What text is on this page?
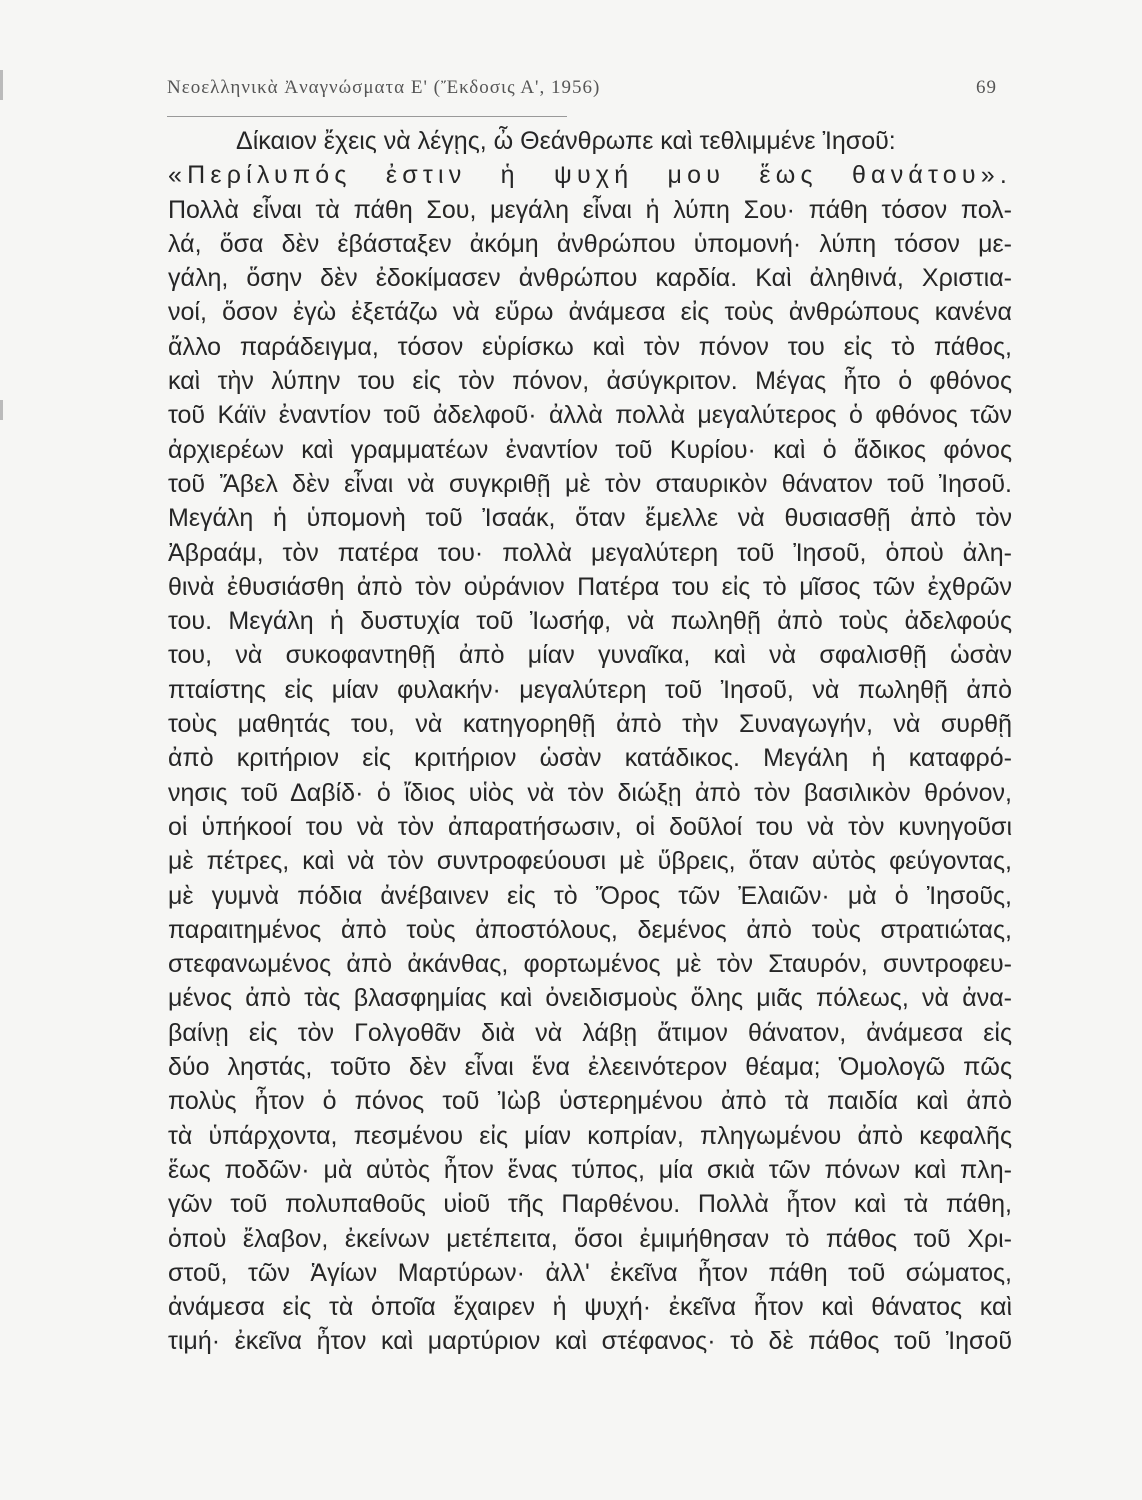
Νεοελληνικὰ Ἀναγνώσματα Ε' (Ἔκδοσις Α', 1956)	69
Δίκαιον ἔχεις νὰ λέγῃς, ὦ Θεάνθρωπε καὶ τεθλιμμένε Ἰησοῦ:
«Περίλυπός ἐστιν ἡ ψυχή μου ἕως θανάτου».
Πολλὰ εἶναι τὰ πάθη Σου, μεγάλη εἶναι ἡ λύπη Σου· πάθη τόσον πολ-
λά, ὅσα δὲν ἐβάσταξεν ἀκόμη ἀνθρώπου ὑπομονή· λύπη τόσον με-
γάλη, ὅσην δὲν ἐδοκίμασεν ἀνθρώπου καρδία. Καὶ ἀληθινά, Χριστια-
νοί, ὅσον ἐγὼ ἐξετάζω νὰ εὕρω ἀνάμεσα εἰς τοὺς ἀνθρώπους κανένα
ἄλλο παράδειγμα, τόσον εὑρίσκω καὶ τὸν πόνον του εἰς τὸ πάθος,
καὶ τὴν λύπην του εἰς τὸν πόνον, ἀσύγκριτον. Μέγας ἦτο ὁ φθόνος
τοῦ Κάϊν ἐναντίον τοῦ ἀδελφοῦ· ἀλλὰ πολλὰ μεγαλύτερος ὁ φθόνος τῶν
ἀρχιερέων καὶ γραμματέων ἐναντίον τοῦ Κυρίου· καὶ ὁ ἄδικος φόνος
τοῦ Ἄβελ δὲν εἶναι νὰ συγκριθῇ μὲ τὸν σταυρικὸν θάνατον τοῦ Ἰησοῦ.
Μεγάλη ἡ ὑπομονὴ τοῦ Ἰσαάκ, ὅταν ἔμελλε νὰ θυσιασθῇ ἀπὸ τὸν
Ἀβραάμ, τὸν πατέρα του· πολλὰ μεγαλύτερη τοῦ Ἰησοῦ, ὁποὺ ἀλη-
θινὰ ἐθυσιάσθη ἀπὸ τὸν οὐράνιον Πατέρα του εἰς τὸ μῖσος τῶν ἐχθρῶν
του. Μεγάλη ἡ δυστυχία τοῦ Ἰωσήφ, νὰ πωληθῇ ἀπὸ τοὺς ἀδελφούς
του, νὰ συκοφαντηθῇ ἀπὸ μίαν γυναῖκα, καὶ νὰ σφαλισθῇ ὡσὰν
πταίστης εἰς μίαν φυλακήν· μεγαλύτερη τοῦ Ἰησοῦ, νὰ πωληθῇ ἀπὸ
τοὺς μαθητάς του, νὰ κατηγορηθῇ ἀπὸ τὴν Συναγωγήν, νὰ συρθῇ
ἀπὸ κριτήριον εἰς κριτήριον ὡσὰν κατάδικος. Μεγάλη ἡ καταφρό-
νησις τοῦ Δαβίδ· ὁ ἴδιος υἱὸς νὰ τὸν διώξῃ ἀπὸ τὸν βασιλικὸν θρόνον,
οἱ ὑπήκοοί του νὰ τὸν ἀπαρατήσωσιν, οἱ δοῦλοί του νὰ τὸν κυνηγοῦσι
μὲ πέτρες, καὶ νὰ τὸν συντροφεύουσι μὲ ὕβρεις, ὅταν αὐτὸς φεύγοντας,
μὲ γυμνὰ πόδια ἀνέβαινεν εἰς τὸ Ὄρος τῶν Ἐλαιῶν· μὰ ὁ Ἰησοῦς,
παραιτημένος ἀπὸ τοὺς ἀποστόλους, δεμένος ἀπὸ τοὺς στρατιώτας,
στεφανωμένος ἀπὸ ἀκάνθας, φορτωμένος μὲ τὸν Σταυρόν, συντροφευ-
μένος ἀπὸ τὰς βλασφημίας καὶ ὀνειδισμοὺς ὅλης μιᾶς πόλεως, νὰ ἀνα-
βαίνῃ εἰς τὸν Γολγοθᾶν διὰ νὰ λάβῃ ἄτιμον θάνατον, ἀνάμεσα εἰς
δύο ληστάς, τοῦτο δὲν εἶναι ἕνα ἐλεεινότερον θέαμα; Ὁμολογῶ πῶς
πολὺς ἦτον ὁ πόνος τοῦ Ἰὼβ ὑστερημένου ἀπὸ τὰ παιδία καὶ ἀπὸ
τὰ ὑπάρχοντα, πεσμένου εἰς μίαν κοπρίαν, πληγωμένου ἀπὸ κεφαλῆς
ἕως ποδῶν· μὰ αὐτὸς ἦτον ἕνας τύπος, μία σκιὰ τῶν πόνων καὶ πλη-
γῶν τοῦ πολυπαθοῦς υἱοῦ τῆς Παρθένου. Πολλὰ ἦτον καὶ τὰ πάθη,
ὁποὺ ἔλαβον, ἐκείνων μετέπειτα, ὅσοι ἐμιμήθησαν τὸ πάθος τοῦ Χρι-
στοῦ, τῶν Ἁγίων Μαρτύρων· ἀλλ' ἐκεῖνα ἦτον πάθη τοῦ σώματος,
ἀνάμεσα εἰς τὰ ὁποῖα ἔχαιρεν ἡ ψυχή· ἐκεῖνα ἦτον καὶ θάνατος καὶ
τιμή· ἐκεῖνα ἦτον καὶ μαρτύριον καὶ στέφανος· τὸ δὲ πάθος τοῦ Ἰησοῦ
